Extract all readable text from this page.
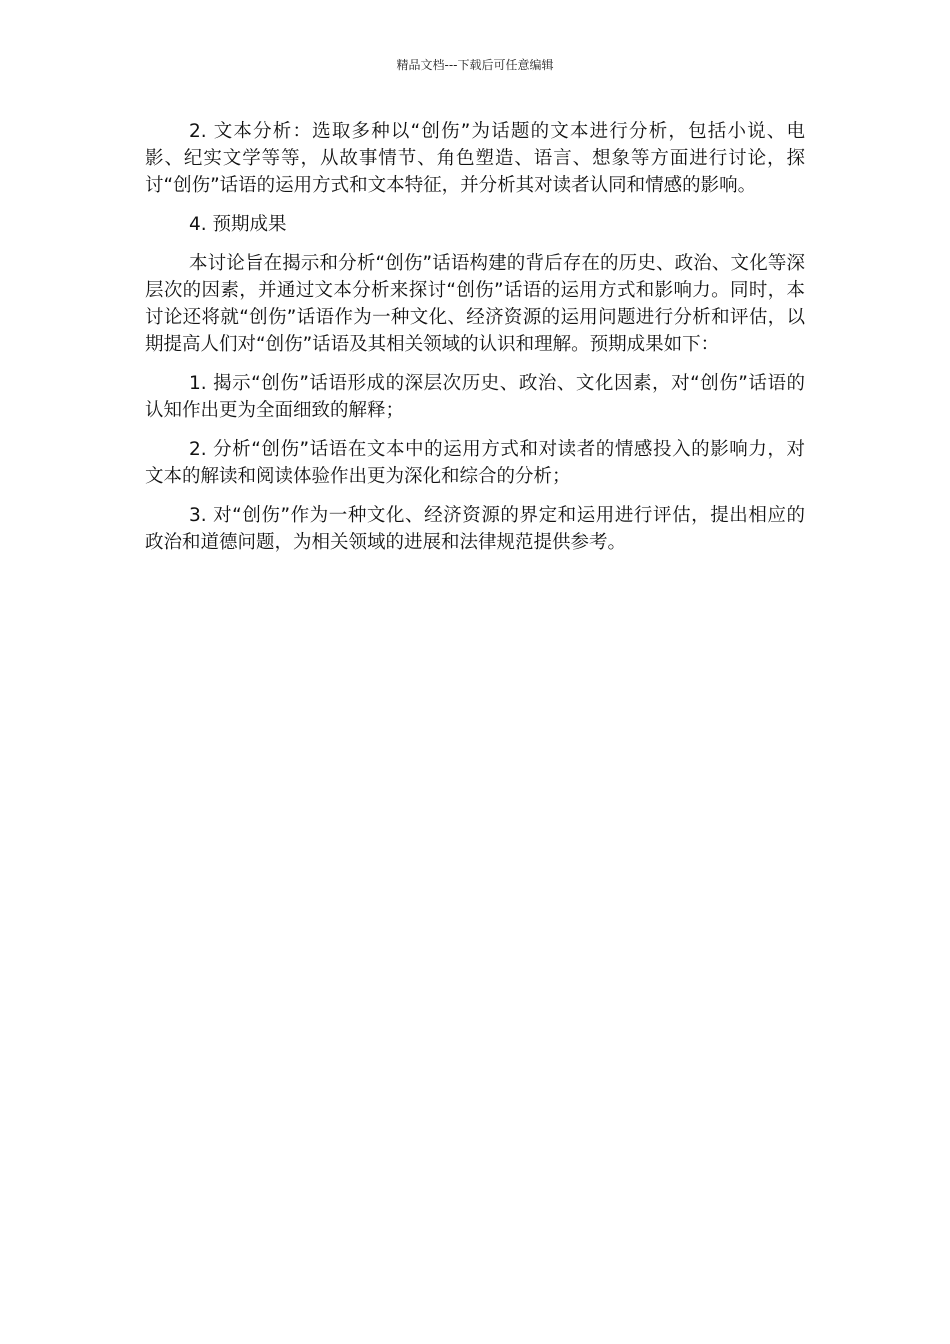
精品文档---下载后可任意编辑

2. 文本分析：选取多种以“创伤”为话题的文本进行分析，包括小说、电影、纪实文学等等，从故事情节、角色塑造、语言、想象等方面进行讨论，探讨“创伤”话语的运用方式和文本特征，并分析其对读者认同和情感的影响。

4. 预期成果

本讨论旨在揭示和分析“创伤”话语构建的背后存在的历史、政治、文化等深层次的因素，并通过文本分析来探讨“创伤”话语的运用方式和影响力。同时，本讨论还将就“创伤”话语作为一种文化、经济资源的运用问题进行分析和评估，以期提高人们对“创伤”话语及其相关领域的认识和理解。预期成果如下：

1. 揭示“创伤”话语形成的深层次历史、政治、文化因素，对“创伤”话语的认知作出更为全面细致的解释；

2. 分析“创伤”话语在文本中的运用方式和对读者的情感投入的影响力，对文本的解读和阅读体验作出更为深化和综合的分析；

3. 对“创伤”作为一种文化、经济资源的界定和运用进行评估，提出相应的政治和道德问题，为相关领域的进展和法律规范提供参考。
